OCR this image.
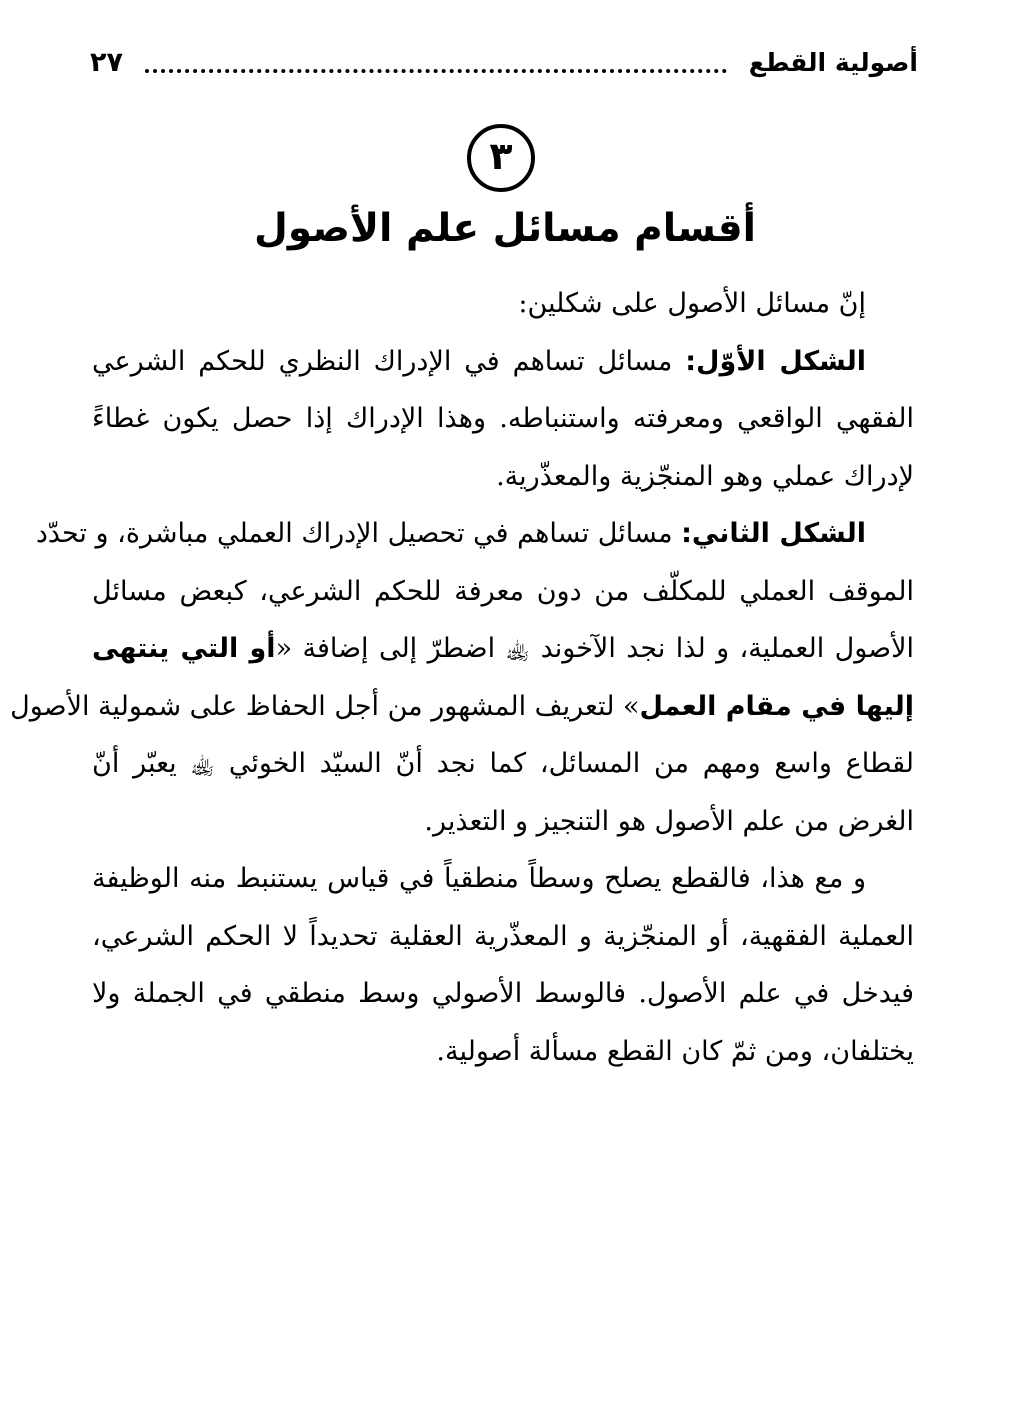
أصولية القطع
٢٧
٣
أقسام مسائل علم الأصول
إنّ مسائل الأصول على شكلين:
الشكل الأوّل: مسائل تساهم في الإدراك النظري للحكم الشرعي
الفقهي الواقعي ومعرفته واستنباطه. وهذا الإدراك إذا حصل يكون غطاءً
لإدراك عملي وهو المنجّزية والمعذّرية.
الشكل الثاني: مسائل تساهم في تحصيل الإدراك العملي مباشرة، و تحدّد
الموقف العملي للمكلّف من دون معرفة للحكم الشرعي، كبعض مسائل
الأصول العملية، و لذا نجد الآخوند ﵀ اضطرّ إلى إضافة «أو التي ينتهى
إليها في مقام العمل» لتعريف المشهور من أجل الحفاظ على شمولية الأصول
لقطاع واسع ومهم من المسائل، كما نجد أنّ السيّد الخوئي ﵀ يعبّر أنّ
الغرض من علم الأصول هو التنجيز و التعذير.
و مع هذا، فالقطع يصلح وسطاً منطقياً في قياس يستنبط منه الوظيفة
العملية الفقهية، أو المنجّزية و المعذّرية العقلية تحديداً لا الحكم الشرعي،
فيدخل في علم الأصول. فالوسط الأصولي وسط منطقي في الجملة ولا
يختلفان، ومن ثمّ كان القطع مسألة أصولية.
